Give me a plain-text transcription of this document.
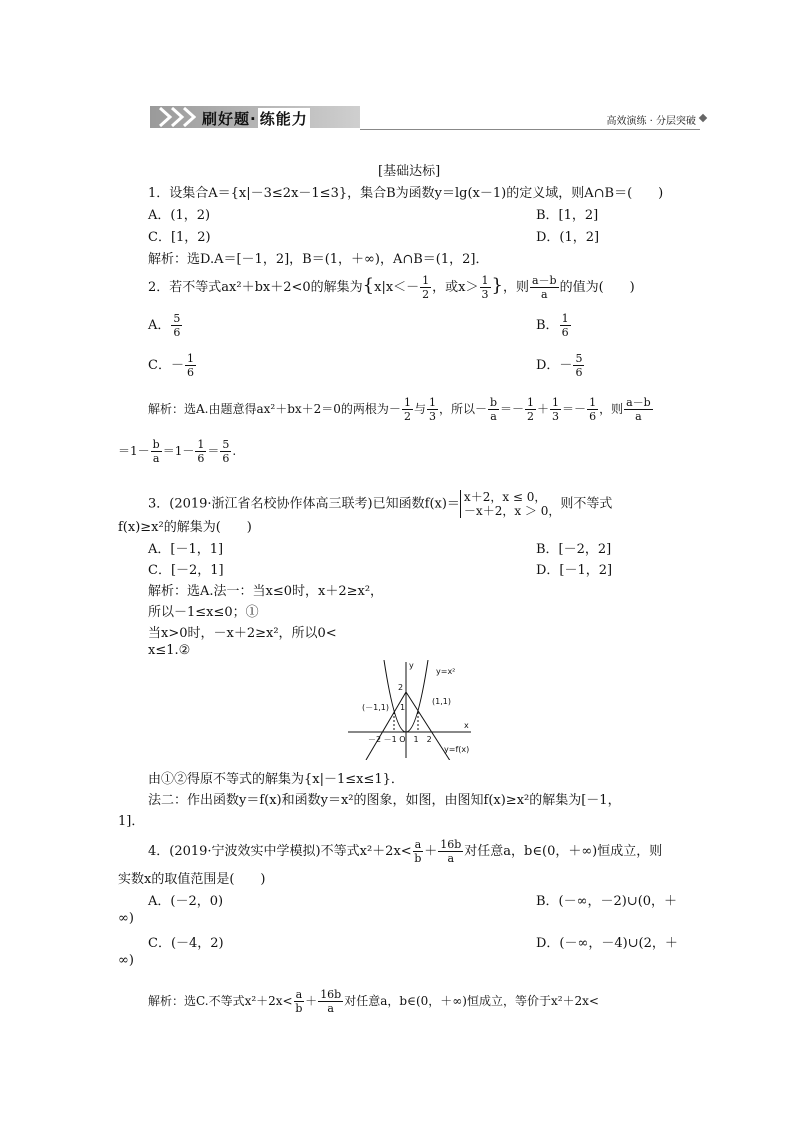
刷好题· 练能力	高效演练 · 分层突破
[基础达标]
1．设集合A＝{x|－3≤2x－1≤3}，集合B为函数y＝lg(x－1)的定义域，则A∩B＝(　　)
A．(1，2)	B．[1，2]
C．[1，2)	D．(1，2]
解析：选D.A＝[－1，2]，B＝(1，＋∞)，A∩B＝(1，2]．
2．若不等式ax²＋bx＋2<0的解集为{$x|x<- \frac{1}{2}$ ，或$x> \frac{1}{3}$ }，则 $\frac{a-b}{a}$ 的值为(　　)
A． $\frac{5}{6}$	B． $\frac{1}{6}$
C．－ $\frac{1}{6}$	D．－ $\frac{5}{6}$
解析：选A.由题意得ax²＋bx＋2＝0的两根为－ $\frac{1}{2}$ 与 $\frac{1}{3}$ ，所以－ $\frac{b}{a} =- \frac{1}{2} + \frac{1}{3} =- \frac{1}{6}$ ，则 $\frac{a-b}{a}$
$=1- \frac{b}{a} =1- \frac{1}{6} = \frac{5}{6}$ .
3．(2019·浙江省名校协作体高三联考)已知函数f(x)＝ x＋2，x ≤ 0，
－x＋2，x ＞ 0， 则不等式
f(x)≥x²的解集为(　　)
A．[－1，1]	B．[－2，2]
C．[－2，1]	D．[－1，2]
解析：选A.法一：当x≤0时，x＋2≥x²，
所以－1≤x≤0；①
当x>0时，－x＋2≥x²，所以0<
x≤1.②
y
y=x²
2
1
(－1,1)
(1,1)
－2 －1 O　1　2
x
y=f(x)
由①②得原不等式的解集为{x|－1≤x≤1}．
法二：作出函数y＝f(x)和函数y＝x²的图象，如图，由图知f(x)≥x²的解集为[－1，
1]．
4．(2019·宁波效实中学模拟)不等式$x^2+2x< \frac{a}{b} + \frac{16b}{a}$ 对任意a，b∈(0，＋∞)恒成立，则
实数x的取值范围是(　　)
A．(－2，0)	B．(－∞，－2)∪(0，＋
∞)
C．(－4，2)	D．(－∞，－4)∪(2，＋
∞)
解析：选C.不等式$x^2+2x< \frac{a}{b} + \frac{16b}{a}$ 对任意a，b∈(0，＋∞)恒成立，等价于x²＋2x<
